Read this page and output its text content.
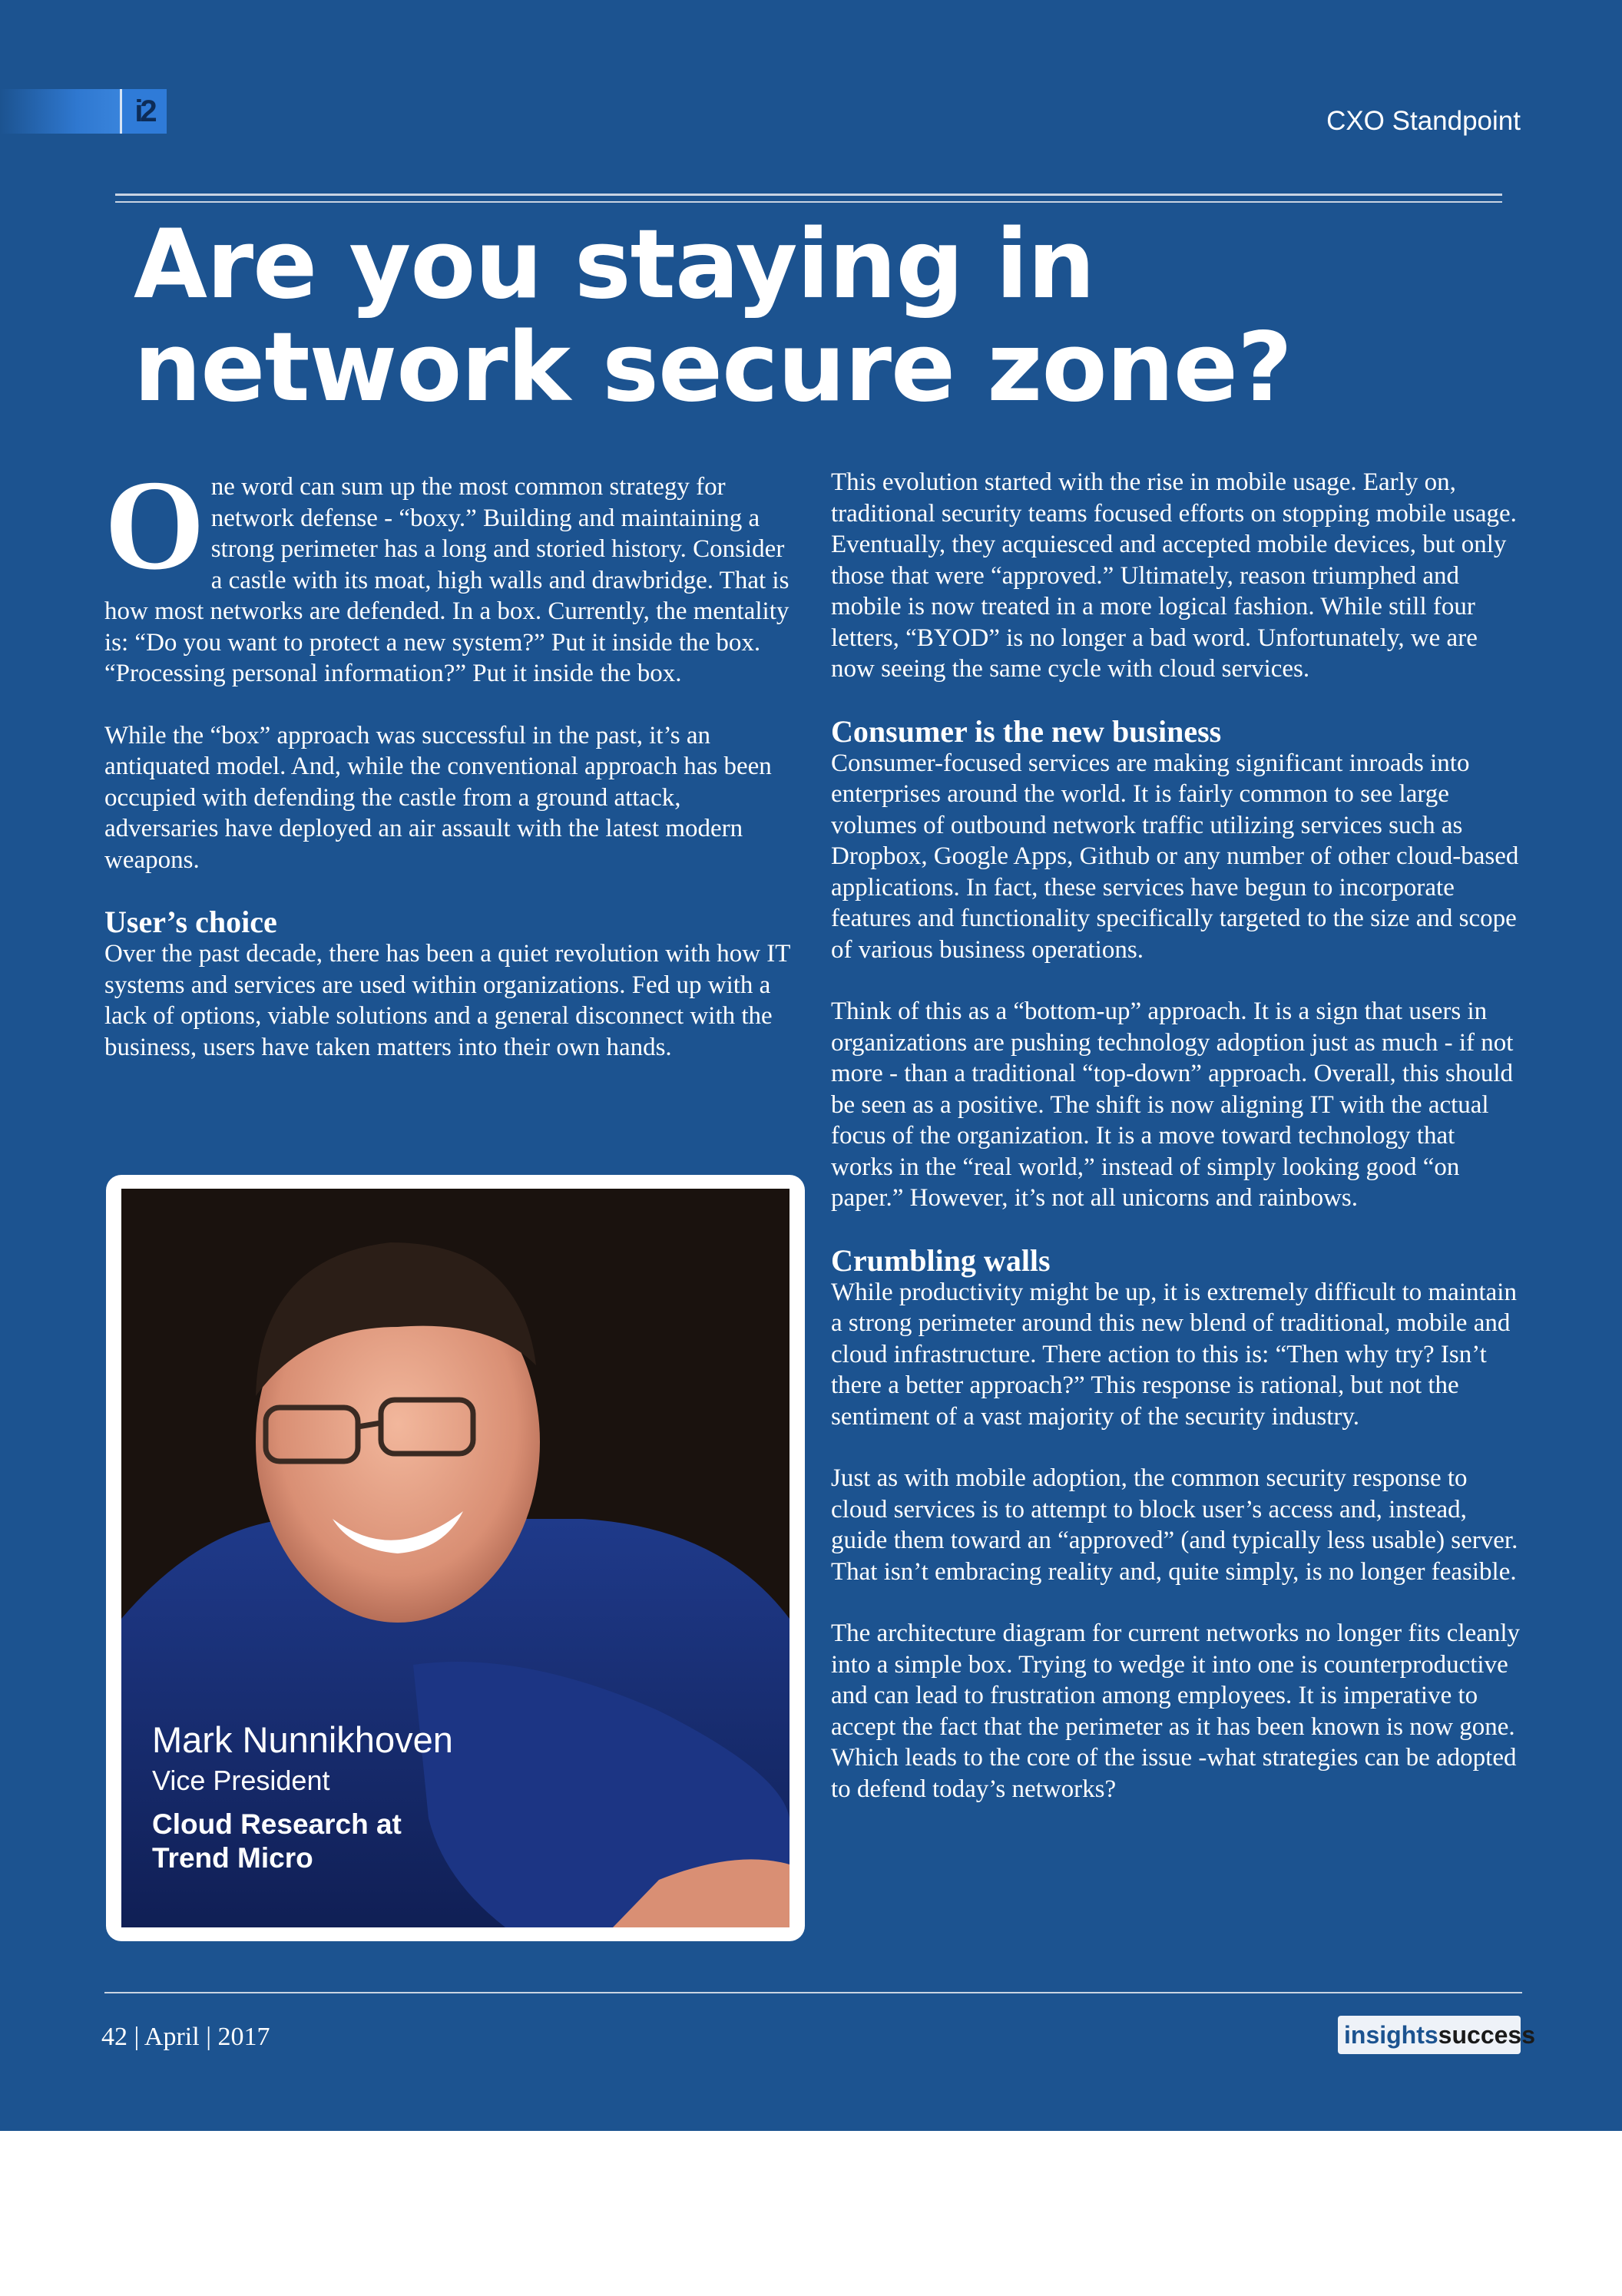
i2	CXO Standpoint
Are you staying in network secure zone?

One word can sum up the most common strategy for network defense - “boxy.” Building and maintaining a strong perimeter has a long and storied history. Consider a castle with its moat, high walls and drawbridge. That is how most networks are defended. In a box. Currently, the mentality is: “Do you want to protect a new system?” Put it inside the box. “Processing personal information?” Put it inside the box.

While the “box” approach was successful in the past, it’s an antiquated model. And, while the conventional approach has been occupied with defending the castle from a ground attack, adversaries have deployed an air assault with the latest modern weapons.

User’s choice

Over the past decade, there has been a quiet revolution with how IT systems and services are used within organizations. Fed up with a lack of options, viable solutions and a general disconnect with the business, users have taken matters into their own hands.

Mark Nunnikhoven
Vice President
Cloud Research at Trend Micro

This evolution started with the rise in mobile usage. Early on, traditional security teams focused efforts on stopping mobile usage. Eventually, they acquiesced and accepted mobile devices, but only those that were “approved.” Ultimately, reason triumphed and mobile is now treated in a more logical fashion. While still four letters, “BYOD” is no longer a bad word. Unfortunately, we are now seeing the same cycle with cloud services.

Consumer is the new business

Consumer-focused services are making significant inroads into enterprises around the world. It is fairly common to see large volumes of outbound network traffic utilizing services such as Dropbox, Google Apps, Github or any number of other cloud-based applications. In fact, these services have begun to incorporate features and functionality specifically targeted to the size and scope of various business operations.

Think of this as a “bottom-up” approach. It is a sign that users in organizations are pushing technology adoption just as much - if not more - than a traditional “top-down” approach. Overall, this should be seen as a positive. The shift is now aligning IT with the actual focus of the organization. It is a move toward technology that works in the “real world,” instead of simply looking good “on paper.” However, it’s not all unicorns and rainbows.

Crumbling walls

While productivity might be up, it is extremely difficult to maintain a strong perimeter around this new blend of traditional, mobile and cloud infrastructure. There action to this is: “Then why try? Isn’t there a better approach?” This response is rational, but not the sentiment of a vast majority of the security industry.

Just as with mobile adoption, the common security response to cloud services is to attempt to block user’s access and, instead, guide them toward an “approved” (and typically less usable) server. That isn’t embracing reality and, quite simply, is no longer feasible.

The architecture diagram for current networks no longer fits cleanly into a simple box. Trying to wedge it into one is counterproductive and can lead to frustration among employees. It is imperative to accept the fact that the perimeter as it has been known is now gone. Which leads to the core of the issue -what strategies can be adopted to defend today’s networks?

42 | April | 2017	insights success
